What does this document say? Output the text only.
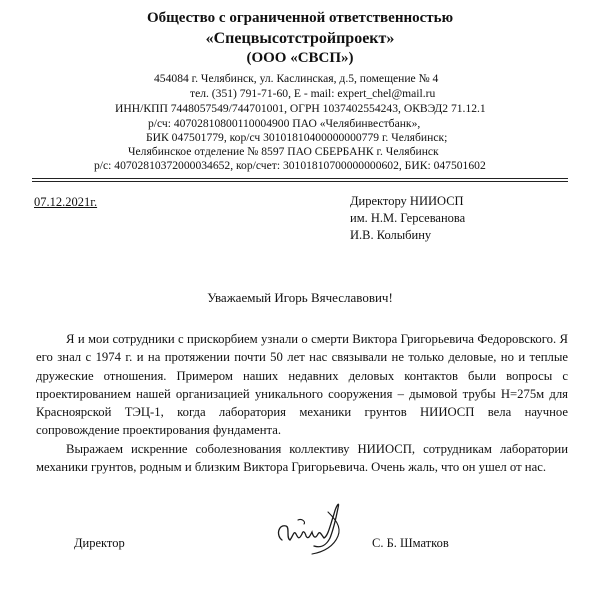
Общество с ограниченной ответственностью
«Спецвысотстройпроект»
(ООО «СВСП»)
454084 г. Челябинск, ул. Каслинская, д.5, помещение № 4
тел. (351) 791-71-60, E - mail: expert_chel@mail.ru
ИНН/КПП 7448057549/744701001, ОГРН 1037402554243, ОКВЭД2 71.12.1
р/сч: 40702810800110004900 ПАО «Челябинвестбанк»,
БИК 047501779, кор/сч 30101810400000000779 г. Челябинск;
Челябинское отделение № 8597 ПАО СБЕРБАНК г. Челябинск
р/с: 40702810372000034652, кор/счет: 30101810700000000602, БИК: 047501602
07.12.2021г.	Директору НИИОСП
им. Н.М. Герсеванова
И.В. Колыбину
Уважаемый Игорь Вячеславович!
Я и мои сотрудники с прискорбием узнали о смерти Виктора Григорьевича Федоровского. Я его знал с 1974 г. и на протяжении почти 50 лет нас связывали не только деловые, но и теплые дружеские отношения. Примером наших недавних деловых контактов были вопросы с проектированием нашей организацией уникального сооружения – дымовой трубы Н=275м для Красноярской ТЭЦ-1, когда лаборатория механики грунтов НИИОСП вела научное сопровождение проектирования фундамента.
Выражаем искренние соболезнования коллективу НИИОСП, сотрудникам лаборатории механики грунтов, родным и близким Виктора Григорьевича. Очень жаль, что он ушел от нас.
Директор	С. Б. Шматков
